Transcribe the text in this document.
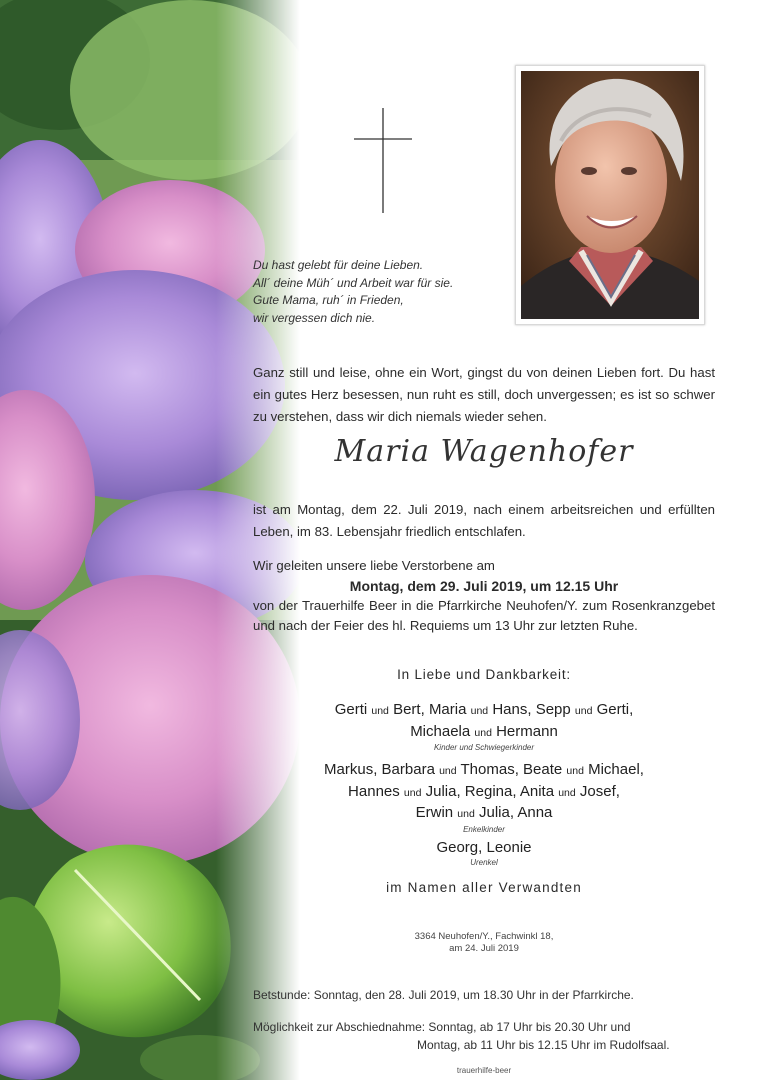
Du hast gelebt für deine Lieben.
All´ deine Müh´ und Arbeit war für sie.
Gute Mama, ruh´ in Frieden,
wir vergessen dich nie.
Ganz still und leise, ohne ein Wort, gingst du von deinen Lieben fort. Du hast ein gutes Herz besessen, nun ruht es still, doch unvergessen; es ist so schwer zu verstehen, dass wir dich niemals wieder sehen.
Maria Wagenhofer
ist am Montag, dem 22. Juli 2019, nach einem arbeitsreichen und erfüllten Leben, im 83. Lebensjahr friedlich entschlafen.
Wir geleiten unsere liebe Verstorbene am
Montag, dem 29. Juli 2019, um 12.15 Uhr
von der Trauerhilfe Beer in die Pfarrkirche Neuhofen/Y. zum Rosenkranzgebet und nach der Feier des hl. Requiems um 13 Uhr zur letzten Ruhe.
In Liebe und Dankbarkeit:
Gerti und Bert, Maria und Hans, Sepp und Gerti,
Michaela und Hermann
Kinder und Schwiegerkinder
Markus, Barbara und Thomas, Beate und Michael,
Hannes und Julia, Regina, Anita und Josef,
Erwin und Julia, Anna
Enkelkinder
Georg, Leonie
Urenkel
im Namen aller Verwandten
3364 Neuhofen/Y., Fachwinkl 18,
am 24. Juli 2019
Betstunde: Sonntag, den 28. Juli 2019, um 18.30 Uhr in der Pfarrkirche.
Möglichkeit zur Abschiednahme: Sonntag, ab 17 Uhr bis 20.30 Uhr und
Montag, ab 11 Uhr bis 12.15 Uhr im Rudolfsaal.
trauerhilfe-beer
